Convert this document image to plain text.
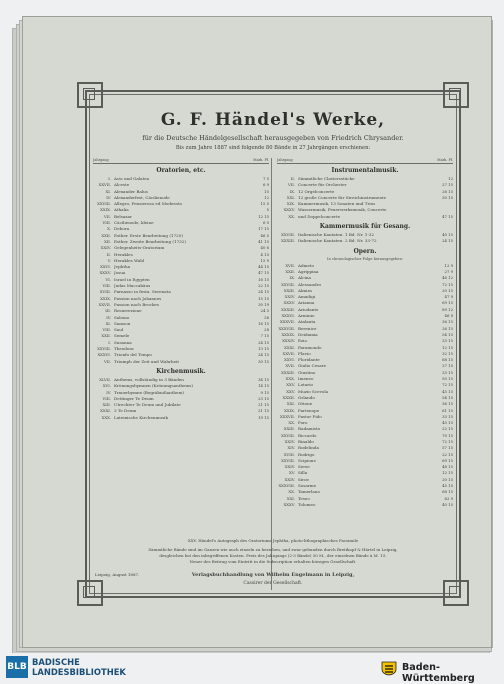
G. F. Händel's Werke,
für die Deutsche Händelgesellschaft herausgegeben von Friedrich Chrysander.
Bis zum Jahre 1887 sind folgende 80 Bände in 27 Jahrgängen erschienen:
Jahrgang	Mark. Pf.
Oratorien, etc.
I. Acis und Galatea	7 5
XXVII. Alceste	6 9
XI. Alexander Balus	15
IV. Alexanderfest, Cäcilienode	12
XXVIII. Allegro, Pensieroso ed Moderato	15 5
XXIX. Athalia	5
VII. Belsazar	12 15
VIII. Cäcilienode, kleine	6 0
X. Debora	17 15
XXII. Esther. Erste Bearbeitung (1720)	46 5
XII. Esther. Zweite Bearbeitung (1732)	41 15
XXIV. Gelegenheits-Oratorium	40 6
II. Herakles	4 15
V. Herakles Wahl	15 9
XXVI. Jephtha	44 15
XXXV. Josua	47 15
VI. Israel in Egypten	16 15
VIII. Judas Maccabäus	22 15
XVIII. Parnasso in festa. Serenata	24 15
XXIX. Passion nach Johannes	15 15
XXVII. Passion nach Brockes	30 19
III. Resurrezione	24 5
IV. Salomo	36
XI. Samson	16 15
VIII. Saul	28
XXII. Semele	7 15
I. Susanna	24 15
XXVIII. Theodora	13 15
XXXVI. Trionfo del Tempo	24 15
VII. Triumph der Zeit und Wahrheit	30 15
Kirchenmusik.
XLVII. Anthems, vollständig in 3 Bänden	34 15
XVI. Krönungshymnen (Krönungsanthems)	14 15
IV. Trauerhymne (Begräbnißanthem)	9 15
VIII. Dettinger Te Deum	23 15
XIII. Utrechter Te Deum und Jubilate	21 15
XXXI. 3 Te Deum	21 15
XXX. Lateinische Kirchenmusik	19 15
Jahrgang	Mark. Pf.
Instrumentalmusik.
II. Sämmtliche Claviersstücke	12
VII. Concerte für Orchester	27 15
IX. 12 Orgelconcerte	26 15
XXI. 12 große Concerte für Streichinstrumente	30 15
XIX. Kammermusik, 13 Sonaten und Trios
XXXV. Wassermusik, Feuerwerksmusik, Concerte
XX. und Doppelconcerte	47 15
Kammermusik für Gesang.
XXVIII. Italienische Kantaten. 1 Bd. Nr. 1-32	40 15
XXXIII. Italienische Kantaten. 2 Bd. Nr. 33-72	24 15
Opern.
In chronologischer Folge herausgegeben:
XVII. Admeto	12 9
XXII. Agrippina	27 9
IX. Alcina	46 12
XXVIII. Alessandro	72 15
XXIII. Almira	20 15
XXIV. Amadigi	47 9
XXXV. Arianna	69 15
XXXIII. Ariodante	89 12
XXXVI. Arminio	46 9
XXXVII. Atalanta	36 15
XXXVIII. Berenice	26 15
XXXIX. Deidamia	54 15
XXXIV. Ezio	33 15
XXXI. Faramondo	12 15
XXVII. Flavio	32 15
XXVI. Floridante	68 15
XVII. Giulio Cesare	27 15
XXXIII. Giustino	33 15
XXX. Imeneo	50 15
XXV. Lotario	72 15
XXV. Muzio Scevola	45 15
XXXII. Orlando	54 15
XXI. Ottone	36 15
XXIX. Partenope	61 15
XXXVII. Pastor Fido	33 15
XX. Poro	45 15
XXIII. Radamisto	22 15
XXVIII. Riccardo	70 15
XXIV. Rinaldo	72 15
XIV. Rodelinda	57 15
XVIII. Rodrigo	22 15
XXVIII. Scipione	69 15
XXIV. Serse	48 15
XV. Silla	12 15
XXIV. Siroe	20 15
XXXVIII. Sosarme	45 15
XX. Tamerlano	68 15
XXI. Teseo	62 9
XXXV. Tolomeo	40 15
XXV. Händel's Autograph des Oratoriums Jephtha, photo-lithographisches Facsimile
Sämmtliche Bände sind im Ganzen wie auch einzeln zu beziehen, und zwar gebunden durch Breitkopf & Härtel in Leipzig,
desgleichen bei den inbegriffenen Kosten. Preis des Jahrgangs (2-3 Bände) 30 M., der einzelnen Bände à M. 15.
Neuer des Beitrag vom Eintritt in die Subscription erhalten hiesigen Gesellschaft.
Leipzig, August 1887.	Verlagsbuchhandlung von Wilhelm Engelmann in Leipzig,
Cassirer der Gesellschaft.
BLB BADISCHE
LANDESBIBLIOTHEK	Baden-Württemberg
